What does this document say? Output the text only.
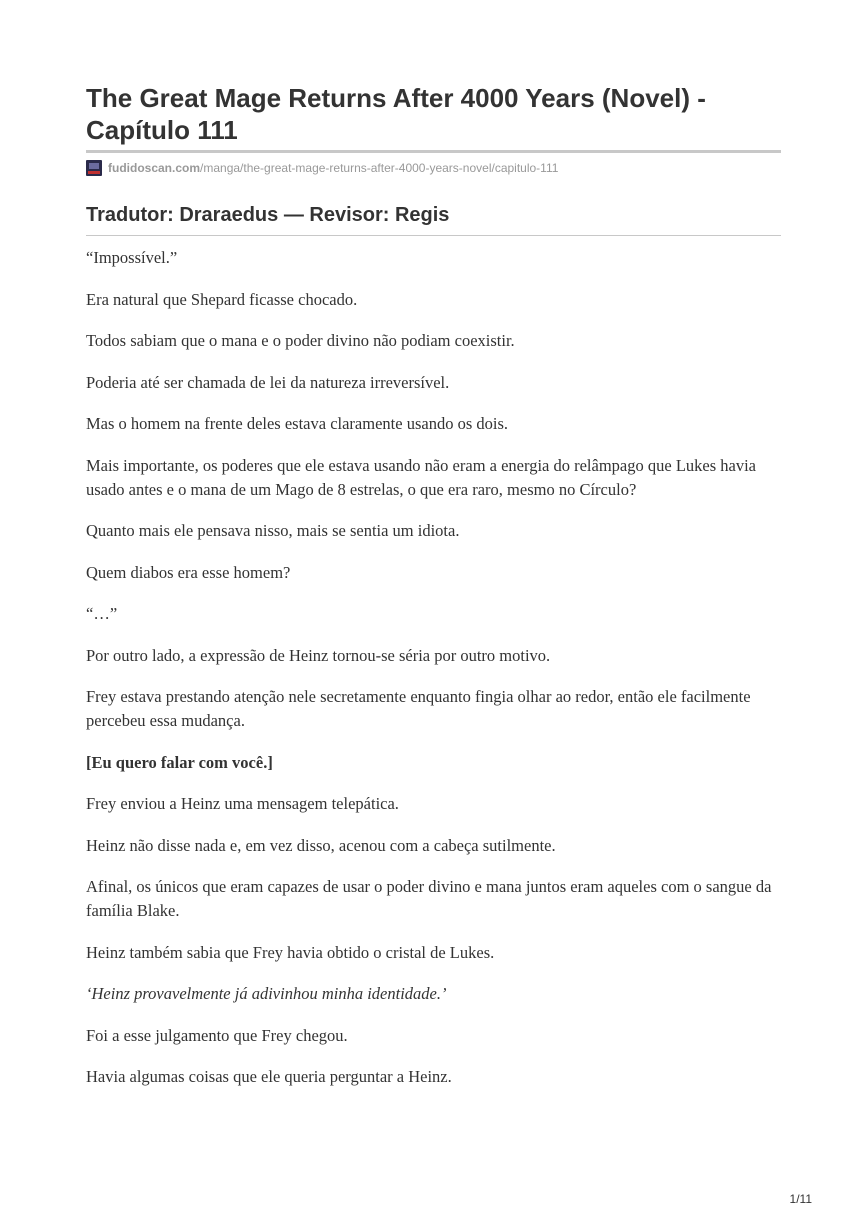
The Great Mage Returns After 4000 Years (Novel) - Capítulo 111
fudidoscan.com /manga/the-great-mage-returns-after-4000-years-novel/capitulo-111
Tradutor: Draraedus — Revisor: Regis

“Impossível.”

Era natural que Shepard ficasse chocado.

Todos sabiam que o mana e o poder divino não podiam coexistir.

Poderia até ser chamada de lei da natureza irreversível.

Mas o homem na frente deles estava claramente usando os dois.

Mais importante, os poderes que ele estava usando não eram a energia do relâmpago que Lukes havia usado antes e o mana de um Mago de 8 estrelas, o que era raro, mesmo no Círculo?

Quanto mais ele pensava nisso, mais se sentia um idiota.

Quem diabos era esse homem?

“…”

Por outro lado, a expressão de Heinz tornou-se séria por outro motivo.

Frey estava prestando atenção nele secretamente enquanto fingia olhar ao redor, então ele facilmente percebeu essa mudança.

[Eu quero falar com você.]

Frey enviou a Heinz uma mensagem telepática.

Heinz não disse nada e, em vez disso, acenou com a cabeça sutilmente.

Afinal, os únicos que eram capazes de usar o poder divino e mana juntos eram aqueles com o sangue da família Blake.

Heinz também sabia que Frey havia obtido o cristal de Lukes.

‘Heinz provavelmente já adivinhou minha identidade.’

Foi a esse julgamento que Frey chegou.

Havia algumas coisas que ele queria perguntar a Heinz.

1/11
